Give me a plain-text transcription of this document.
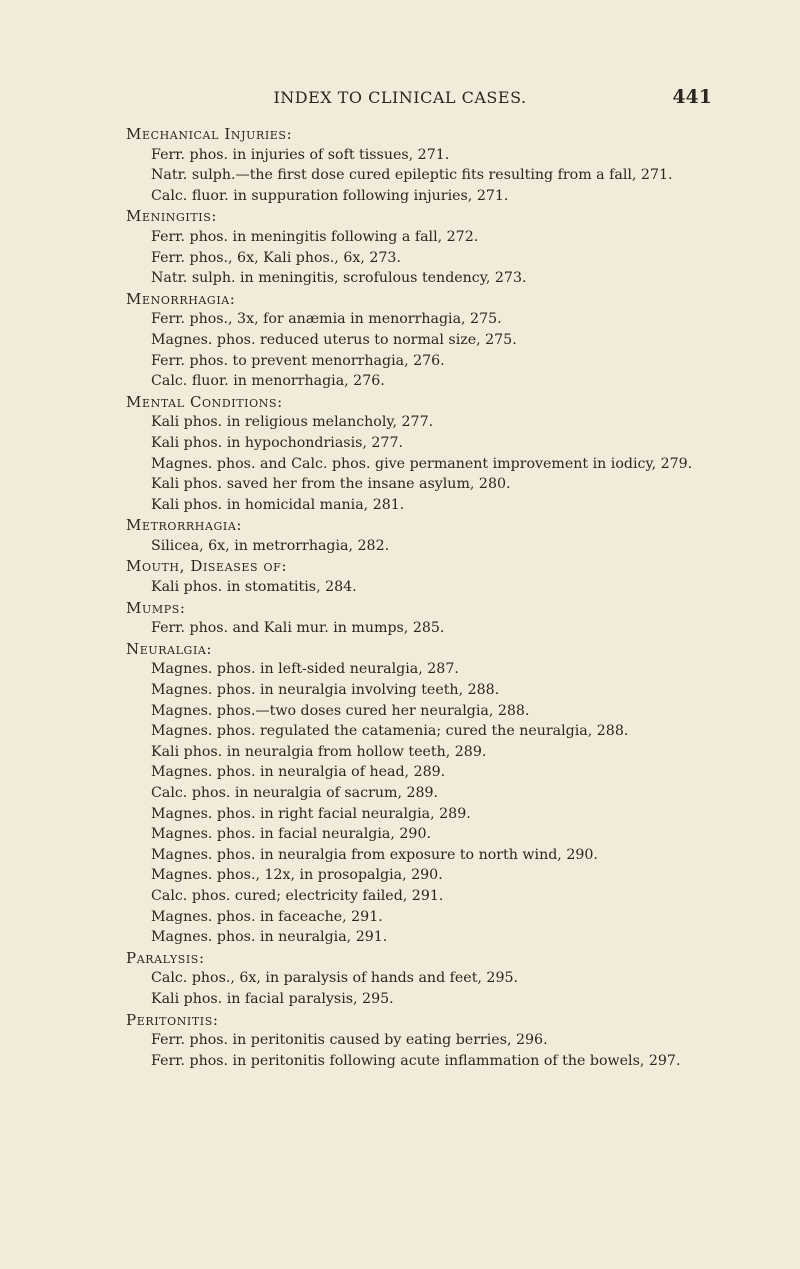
INDEX TO CLINICAL CASES.	441
Mechanical Injuries:
Ferr. phos. in injuries of soft tissues, 271.
Natr. sulph.—the first dose cured epileptic fits resulting from a fall, 271.
Calc. fluor. in suppuration following injuries, 271.
Meningitis:
Ferr. phos. in meningitis following a fall, 272.
Ferr. phos., 6x, Kali phos., 6x, 273.
Natr. sulph. in meningitis, scrofulous tendency, 273.
Menorrhagia:
Ferr. phos., 3x, for anæmia in menorrhagia, 275.
Magnes. phos. reduced uterus to normal size, 275.
Ferr. phos. to prevent menorrhagia, 276.
Calc. fluor. in menorrhagia, 276.
Mental Conditions:
Kali phos. in religious melancholy, 277.
Kali phos. in hypochondriasis, 277.
Magnes. phos. and Calc. phos. give permanent improvement in iodicy, 279.
Kali phos. saved her from the insane asylum, 280.
Kali phos. in homicidal mania, 281.
Metrorrhagia:
Silicea, 6x, in metrorrhagia, 282.
Mouth, Diseases of:
Kali phos. in stomatitis, 284.
Mumps:
Ferr. phos. and Kali mur. in mumps, 285.
Neuralgia:
Magnes. phos. in left-sided neuralgia, 287.
Magnes. phos. in neuralgia involving teeth, 288.
Magnes. phos.—two doses cured her neuralgia, 288.
Magnes. phos. regulated the catamenia; cured the neuralgia, 288.
Kali phos. in neuralgia from hollow teeth, 289.
Magnes. phos. in neuralgia of head, 289.
Calc. phos. in neuralgia of sacrum, 289.
Magnes. phos. in right facial neuralgia, 289.
Magnes. phos. in facial neuralgia, 290.
Magnes. phos. in neuralgia from exposure to north wind, 290.
Magnes. phos., 12x, in prosopalgia, 290.
Calc. phos. cured; electricity failed, 291.
Magnes. phos. in faceache, 291.
Magnes. phos. in neuralgia, 291.
Paralysis:
Calc. phos., 6x, in paralysis of hands and feet, 295.
Kali phos. in facial paralysis, 295.
Peritonitis:
Ferr. phos. in peritonitis caused by eating berries, 296.
Ferr. phos. in peritonitis following acute inflammation of the bowels, 297.
